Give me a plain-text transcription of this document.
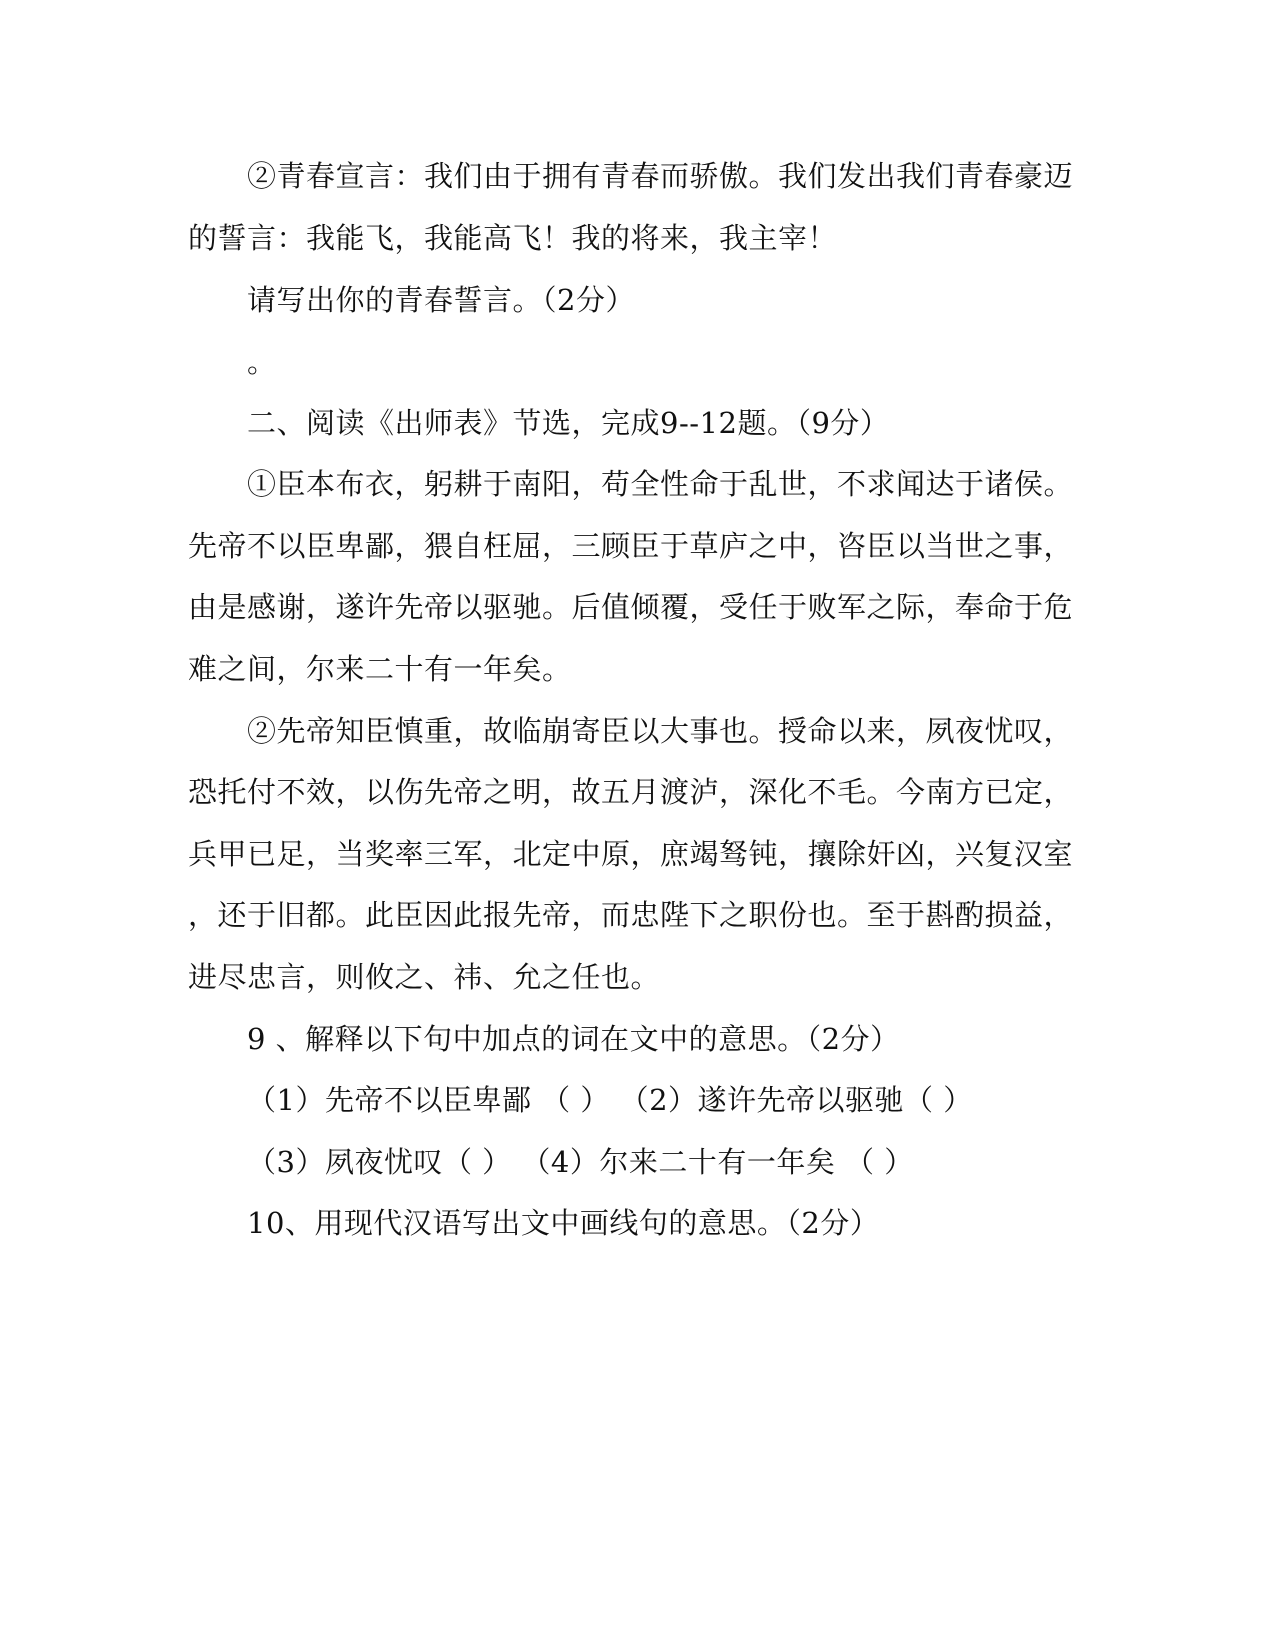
②青春宣言：我们由于拥有青春而骄傲。我们发出我们青春豪迈
的誓言：我能飞，我能高飞！我的将来，我主宰！
请写出你的青春誓言。（2分）
。
二、阅读《出师表》节选，完成9--12题。（9分）
①臣本布衣，躬耕于南阳，苟全性命于乱世，不求闻达于诸侯。
先帝不以臣卑鄙，猥自枉屈，三顾臣于草庐之中，咨臣以当世之事，
由是感谢，遂许先帝以驱驰。后值倾覆，受任于败军之际，奉命于危
难之间，尔来二十有一年矣。
②先帝知臣慎重，故临崩寄臣以大事也。授命以来，夙夜忧叹，
恐托付不效，以伤先帝之明，故五月渡泸，深化不毛。今南方已定，
兵甲已足，当奖率三军，北定中原，庶竭驽钝，攘除奸凶，兴复汉室
，还于旧都。此臣因此报先帝，而忠陛下之职份也。至于斟酌损益，
进尽忠言，则攸之、祎、允之任也。
9 、解释以下句中加点的词在文中的意思。（2分）
（1）先帝不以臣卑鄙 （ ） （2）遂许先帝以驱驰（ ）
（3）夙夜忧叹（ ） （4）尔来二十有一年矣 （ ）
10、用现代汉语写出文中画线句的意思。（2分）
